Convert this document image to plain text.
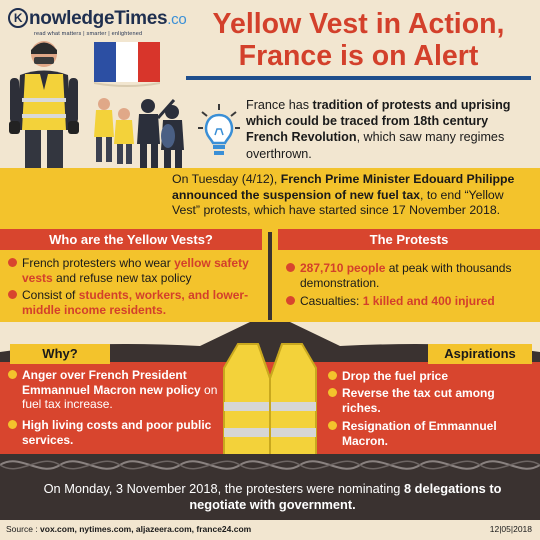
K nowledgeTimes.co
read what matters | smarter | enlightened	Yellow Vest in Action,
France is on Alert
France has tradition of protests and uprising which could be traced from 18th century French Revolution, which saw many regimes overthrown.
On Tuesday (4/12), French Prime Minister Edouard Philippe announced the suspension of new fuel tax, to end “Yellow Vest” protests, which have started since 17 November 2018.
Who are the Yellow Vests?	The Protests
French protesters who wear yellow safety vests and refuse new tax policy
Consist of students, workers, and lower-middle income residents.
287,710 people at peak with thousands demonstration.
Casualties: 1 killed and 400 injured
Why?	Aspirations
Anger over French President Emmannuel Macron new policy on fuel tax increase.
High living costs and poor public services.
Drop the fuel price
Reverse the tax cut among riches.
Resignation of Emmannuel Macron.
On Monday, 3 November 2018, the protesters were nominating 8 delegations to negotiate with government.
Source : vox.com, nytimes.com, aljazeera.com, france24.com	12|05|2018
